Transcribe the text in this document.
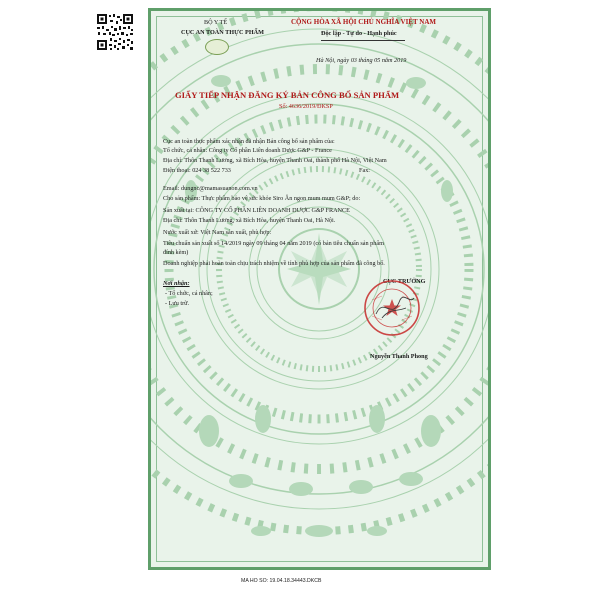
BỘ Y TẾ
CỤC AN TOÀN THỰC PHẨM
CỘNG HÒA XÃ HỘI CHỦ NGHĨA VIỆT NAM
Độc lập - Tự do - Hạnh phúc
Hà Nội, ngày 03 tháng 05 năm 2019
GIẤY TIẾP NHẬN ĐĂNG KÝ BẢN CÔNG BỐ SẢN PHẨM
Số: 4636/2019/ĐKSP
Cục an toàn thực phẩm xác nhận đã nhận Bản công bố sản phẩm của:
Tổ chức, cá nhân: Công ty Cổ phần Liên doanh Dược G&P - France
Địa chỉ: Thôn Thanh Lương, xã Bích Hòa, huyện Thanh Oai, thành phố Hà Nội, Việt Nam
Điện thoại: 024 38 522 733	Fax:
Email: dungnc@mamasuanon.com.vn
Cho sản phẩm: Thực phẩm bảo vệ sức khỏe Siro Ăn ngon mum mum G&P; do:
Sản xuất tại: CÔNG TY CỔ PHẦN LIÊN DOANH DƯỢC G&P FRANCE
Địa chỉ: Thôn Thanh Lương, xã Bích Hòa, huyện Thanh Oai, Hà Nội.
Nước xuất xứ: Việt Nam sản xuất, phù hợp:
Tiêu chuẩn sản xuất số 14/2019 ngày 09 tháng 04 năm 2019 (có bản tiêu chuẩn sản phẩm
đính kèm)
Doanh nghiệp phải hoàn toàn chịu trách nhiệm về tính phù hợp của sản phẩm đã công bố.
Nơi nhận:
- Tổ chức, cá nhân;
- Lưu trữ.
CỤC TRƯỞNG
Nguyễn Thanh Phong
MA HO SO: 19.04.18.34443.DKCB
